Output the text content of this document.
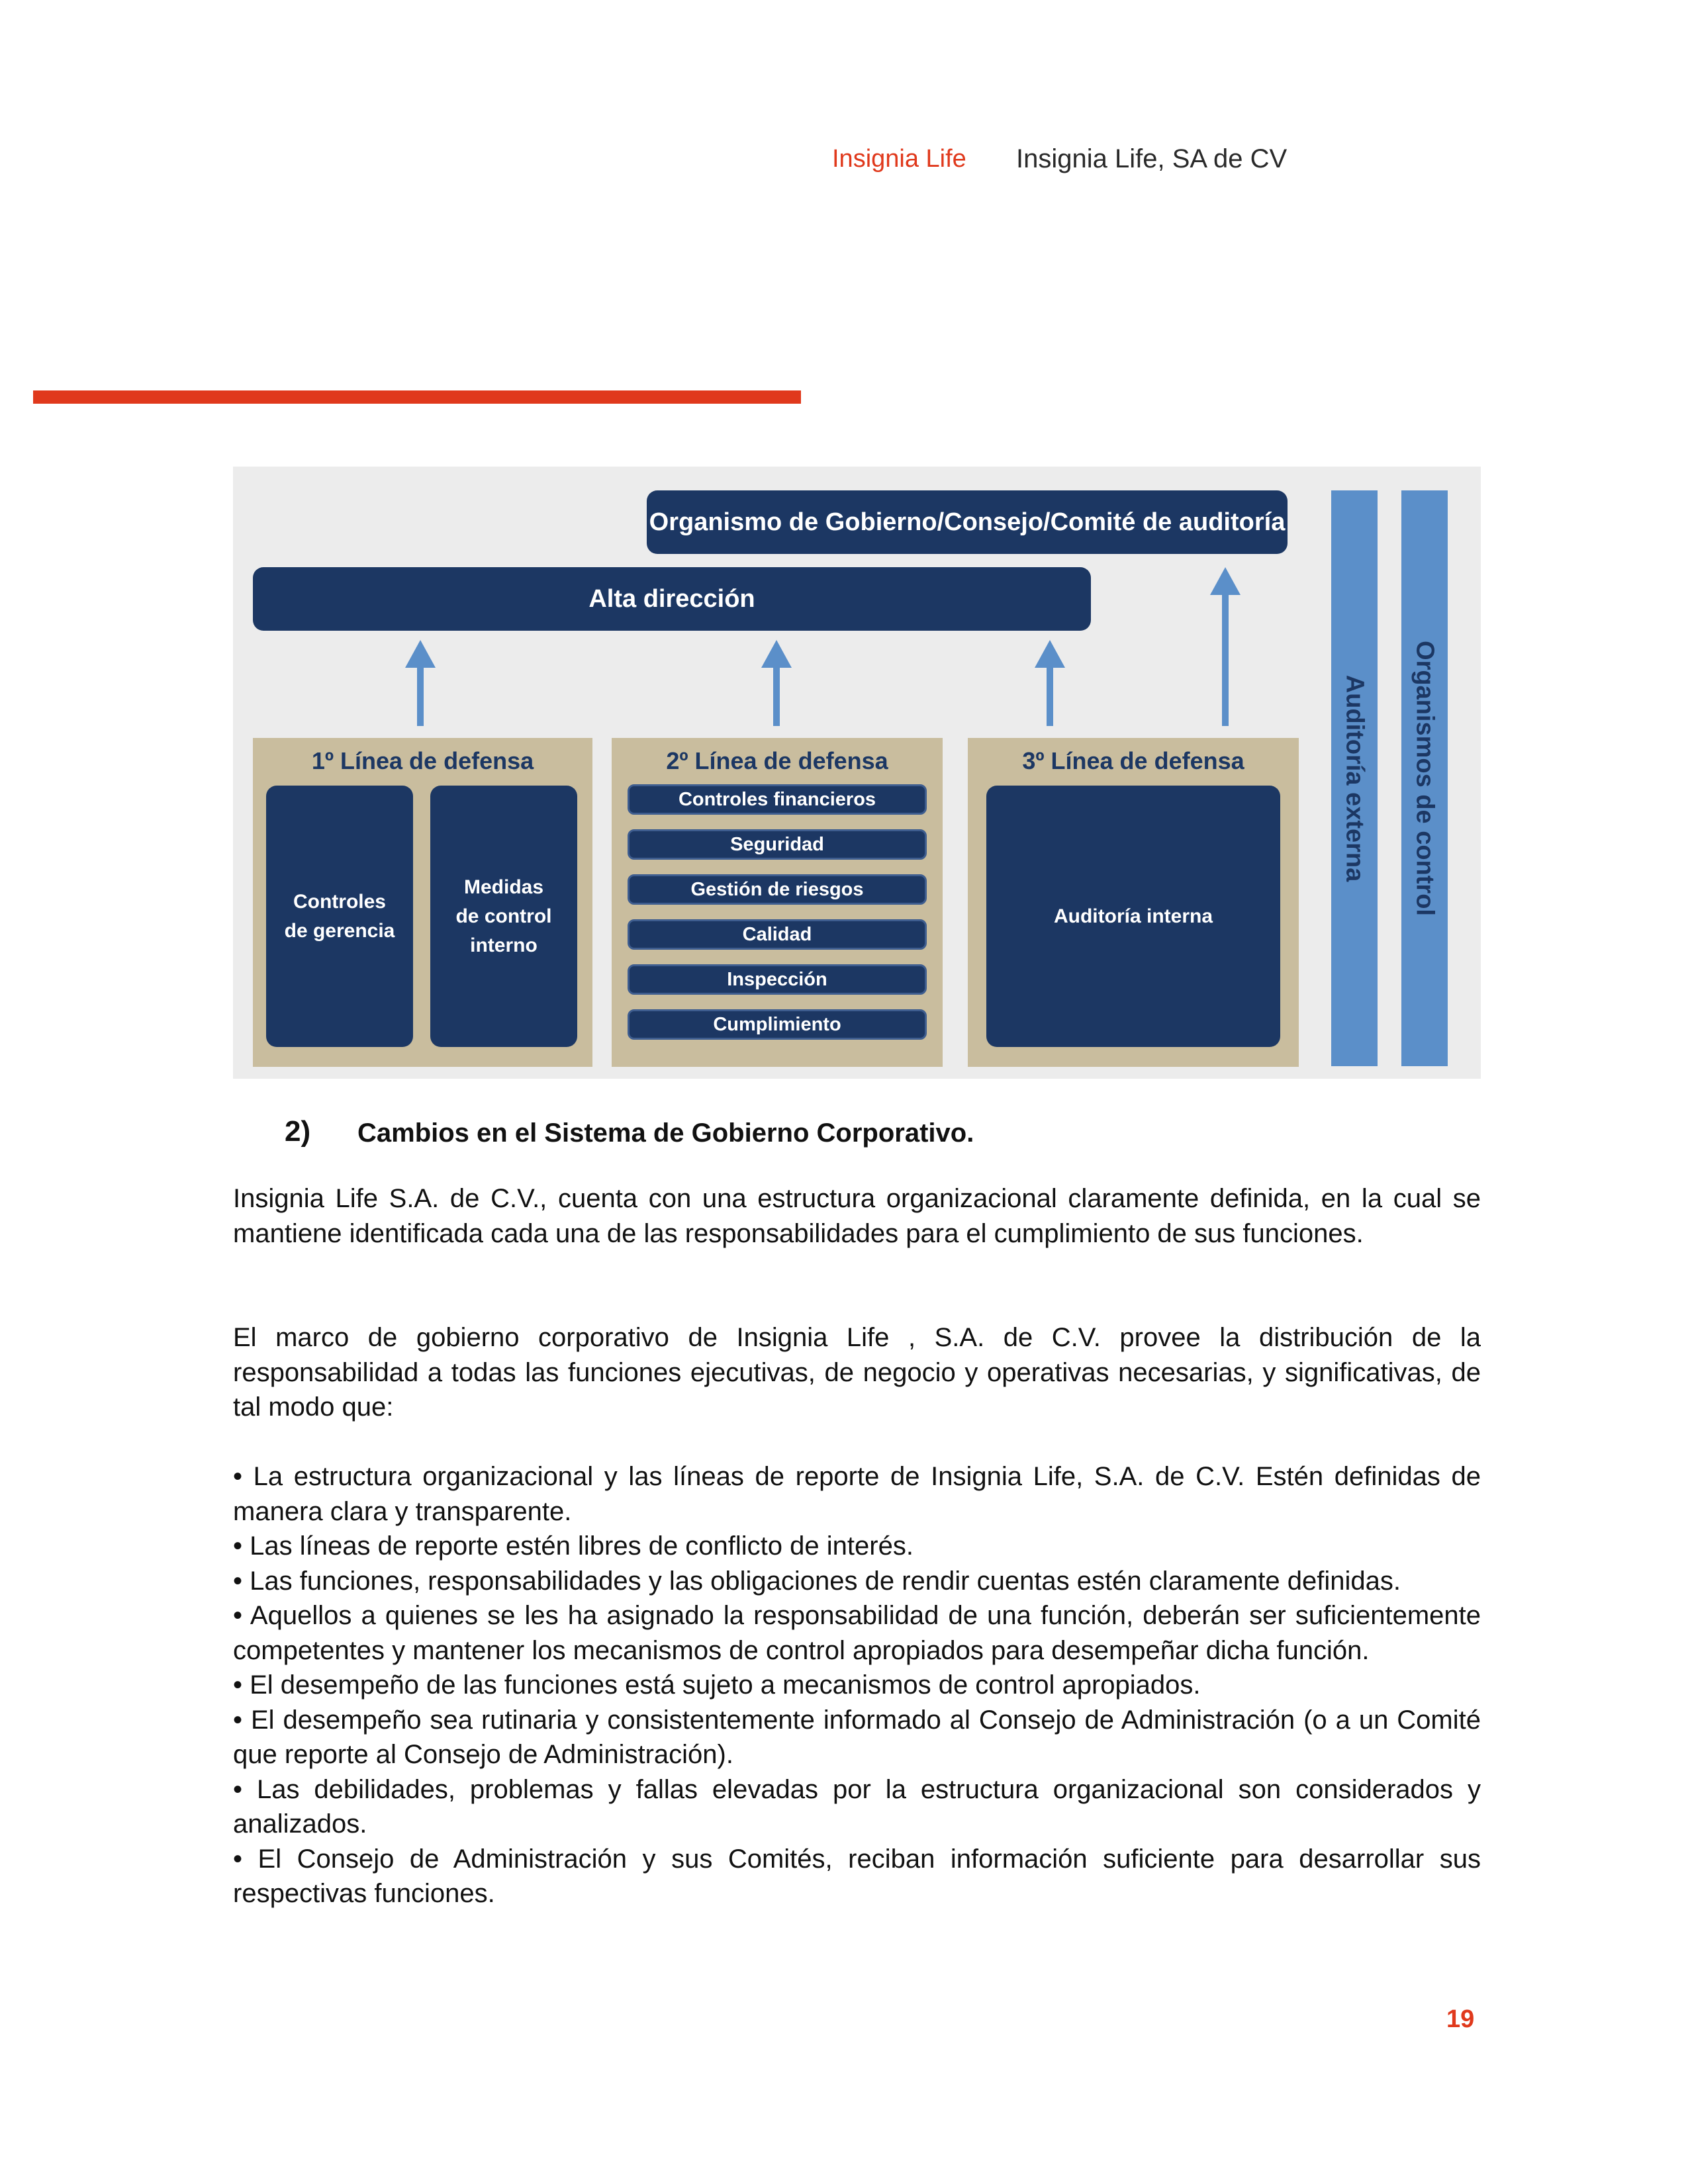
Insignia Life Insignia Life, SA de CV
Organismo de Gobierno/Consejo/Comité de auditoría
Alta dirección
1º Línea de defensa
Controles de gerencia
Medidas de control interno
2º Línea de defensa
Controles financieros
Seguridad
Gestión de riesgos
Calidad
Inspección
Cumplimiento
3º Línea de defensa
Auditoría interna
Auditoría externa Organismos de control
2) Cambios en el Sistema de Gobierno Corporativo.

Insignia Life S.A. de C.V., cuenta con una estructura organizacional claramente definida, en la cual se mantiene identificada cada una de las responsabilidades para el cumplimiento de sus funciones.

El marco de gobierno corporativo de Insignia Life , S.A. de C.V. provee la distribución de la responsabilidad a todas las funciones ejecutivas, de negocio y operativas necesarias, y significativas, de tal modo que:

• La estructura organizacional y las líneas de reporte de Insignia Life, S.A. de C.V. Estén definidas de manera clara y transparente.
• Las líneas de reporte estén libres de conflicto de interés.
• Las funciones, responsabilidades y las obligaciones de rendir cuentas estén claramente definidas.
• Aquellos a quienes se les ha asignado la responsabilidad de una función, deberán ser suficientemente competentes y mantener los mecanismos de control apropiados para desempeñar dicha función.
• El desempeño de las funciones está sujeto a mecanismos de control apropiados.
• El desempeño sea rutinaria y consistentemente informado al Consejo de Administración (o a un Comité que reporte al Consejo de Administración).
• Las debilidades, problemas y fallas elevadas por la estructura organizacional son considerados y analizados.
• El Consejo de Administración y sus Comités, reciban información suficiente para desarrollar sus respectivas funciones.
19
